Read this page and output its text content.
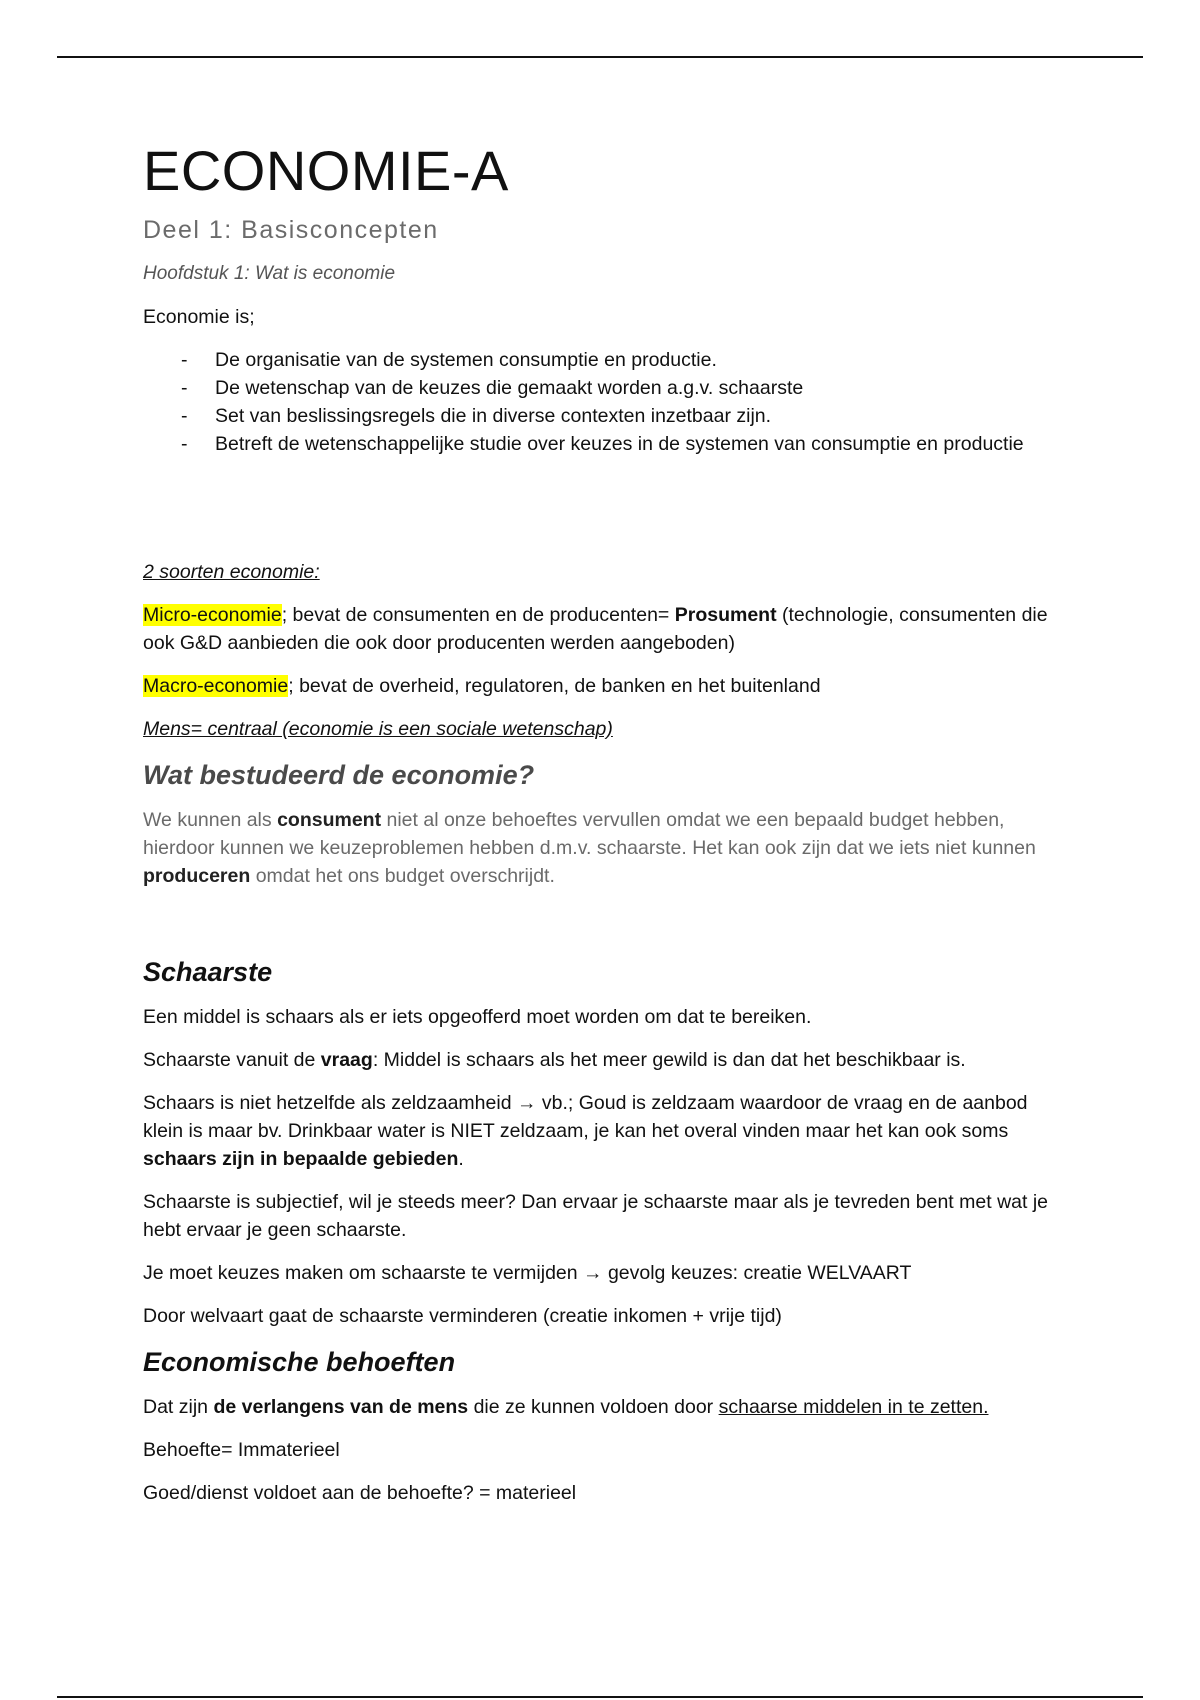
ECONOMIE-A
Deel 1: Basisconcepten
Hoofdstuk 1: Wat is economie

Economie is;

- De organisatie van de systemen consumptie en productie.
- De wetenschap van de keuzes die gemaakt worden a.g.v. schaarste
- Set van beslissingsregels die in diverse contexten inzetbaar zijn.
- Betreft de wetenschappelijke studie over keuzes in de systemen van consumptie en productie

2 soorten economie:

Micro-economie; bevat de consumenten en de producenten= Prosument (technologie, consumenten die ook G&D aanbieden die ook door producenten werden aangeboden)

Macro-economie; bevat de overheid, regulatoren, de banken en het buitenland

Mens= centraal (economie is een sociale wetenschap)

Wat bestudeerd de economie?

We kunnen als consument niet al onze behoeftes vervullen omdat we een bepaald budget hebben, hierdoor kunnen we keuzeproblemen hebben d.m.v. schaarste. Het kan ook zijn dat we iets niet kunnen produceren omdat het ons budget overschrijdt.

Schaarste

Een middel is schaars als er iets opgeofferd moet worden om dat te bereiken.

Schaarste vanuit de vraag: Middel is schaars als het meer gewild is dan dat het beschikbaar is.

Schaars is niet hetzelfde als zeldzaamheid → vb.; Goud is zeldzaam waardoor de vraag en de aanbod klein is maar bv. Drinkbaar water is NIET zeldzaam, je kan het overal vinden maar het kan ook soms schaars zijn in bepaalde gebieden.

Schaarste is subjectief, wil je steeds meer? Dan ervaar je schaarste maar als je tevreden bent met wat je hebt ervaar je geen schaarste.

Je moet keuzes maken om schaarste te vermijden → gevolg keuzes: creatie WELVAART

Door welvaart gaat de schaarste verminderen (creatie inkomen + vrije tijd)

Economische behoeften

Dat zijn de verlangens van de mens die ze kunnen voldoen door schaarse middelen in te zetten.

Behoefte= Immaterieel

Goed/dienst voldoet aan de behoefte? = materieel
